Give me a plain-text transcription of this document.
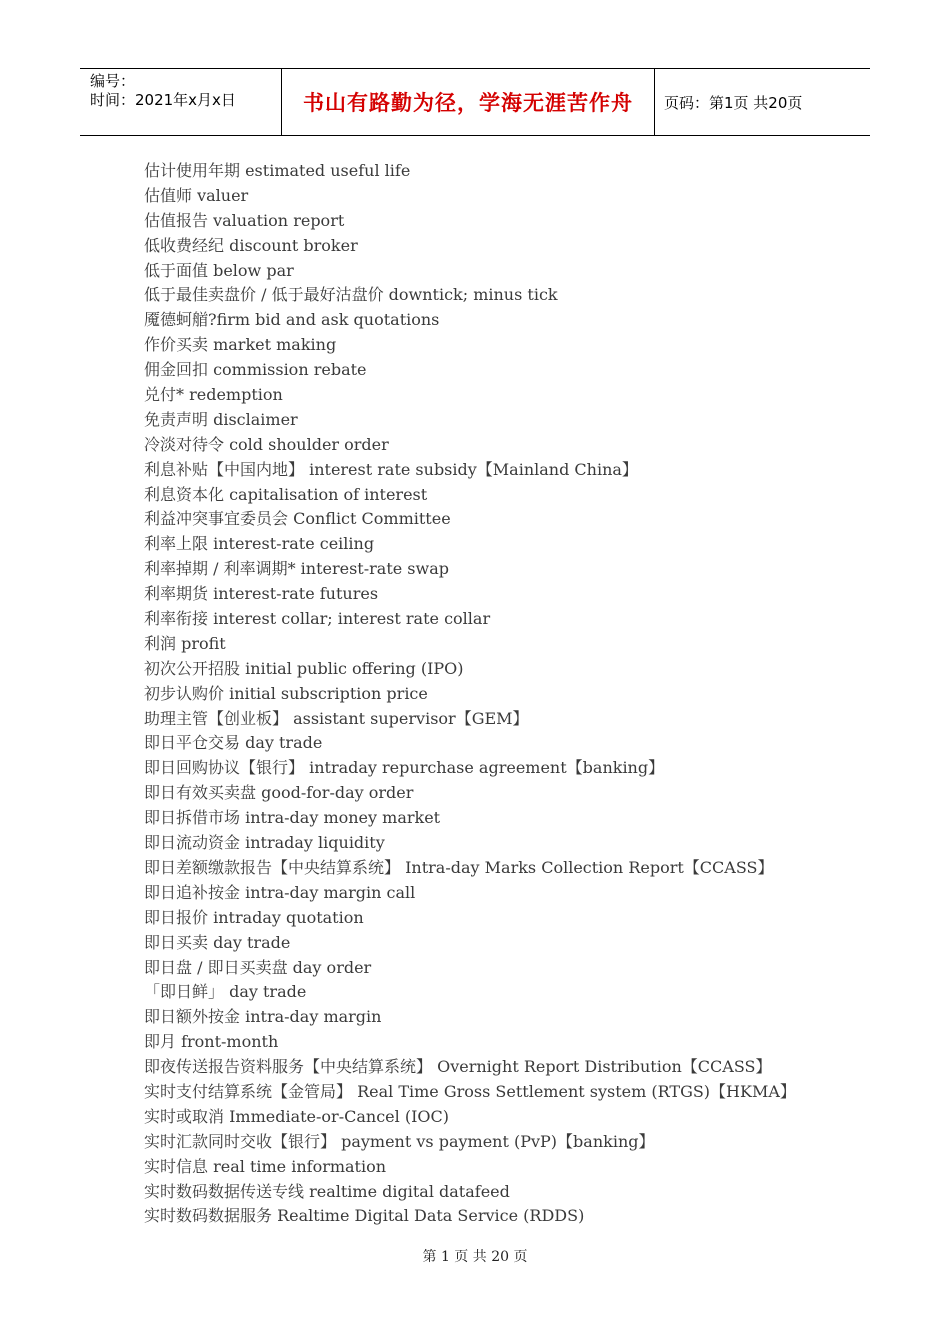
编号：
时间：2021年x月x日	书山有路勤为径，学海无涯苦作舟 页码：第1页 共20页
估计使用年期 estimated useful life
估值师 valuer
估值报告 valuation report
低收费经纪 discount broker
低于面值 below par
低于最佳卖盘价 / 低于最好沽盘价 downtick; minus tick
魇德蚵艏?firm bid and ask quotations
作价买卖 market making
佣金回扣 commission rebate
兑付* redemption
免责声明 disclaimer
冷淡对待令 cold shoulder order
利息补贴【中国内地】 interest rate subsidy【Mainland China】
利息资本化 capitalisation of interest
利益冲突事宜委员会 Conflict Committee
利率上限 interest-rate ceiling
利率掉期 / 利率调期* interest-rate swap
利率期货 interest-rate futures
利率衔接 interest collar; interest rate collar
利润 profit
初次公开招股 initial public offering (IPO)
初步认购价 initial subscription price
助理主管【创业板】 assistant supervisor【GEM】
即日平仓交易 day trade
即日回购协议【银行】 intraday repurchase agreement【banking】
即日有效买卖盘 good-for-day order
即日拆借市场 intra-day money market
即日流动资金 intraday liquidity
即日差额缴款报告【中央结算系统】 Intra-day Marks Collection Report【CCASS】
即日追补按金 intra-day margin call
即日报价 intraday quotation
即日买卖 day trade
即日盘 / 即日买卖盘 day order
「即日鲜」 day trade
即日额外按金 intra-day margin
即月 front-month
即夜传送报告资料服务【中央结算系统】 Overnight Report Distribution【CCASS】
实时支付结算系统【金管局】 Real Time Gross Settlement system (RTGS)【HKMA】
实时或取消 Immediate-or-Cancel (IOC)
实时汇款同时交收【银行】 payment vs payment (PvP)【banking】
实时信息 real time information
实时数码数据传送专线 realtime digital datafeed
实时数码数据服务 Realtime Digital Data Service (RDDS)
第 1 页 共 20 页
